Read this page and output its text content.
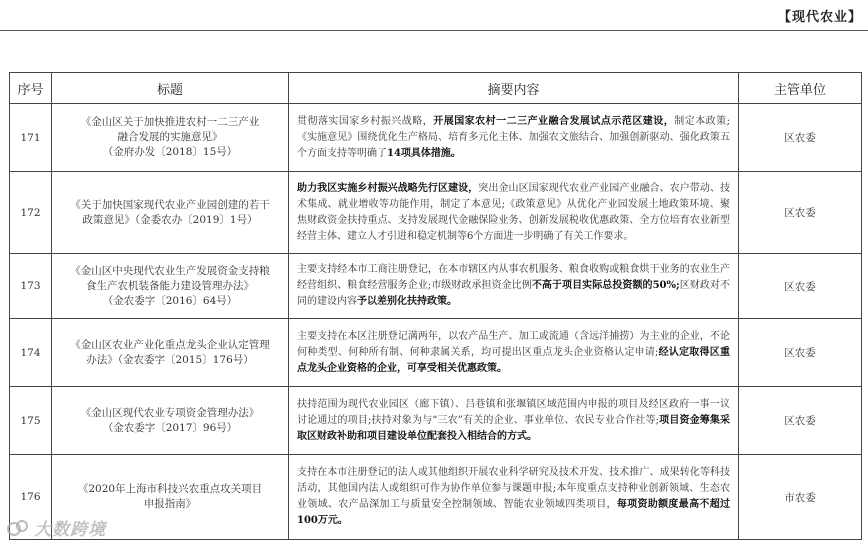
【现代农业】
序号	标题	摘要内容	主管单位
171	《金山区关于加快推进农村一二三产业
融合发展的实施意见》
（金府办发〔2018〕15号）	贯彻落实国家乡村振兴战略，开展国家农村一二三产业融合发展试点示范区建设，制定本政策;《实施意见》围绕优化生产格局、培育多元化主体、加强农文旅结合、加强创新驱动、强化政策五个方面支持等明确了14项具体措施。	区农委
172	《关于加快国家现代农业产业园创建的若干
政策意见》（金委农办〔2019〕1号）	助力我区实施乡村振兴战略先行区建设，突出金山区国家现代农业产业园产业融合、农户带动、技术集成、就业增收等功能作用，制定了本意见;《政策意见》从优化产业园发展土地政策环境、聚焦财政资金扶持重点、支持发展现代金融保险业务、创新发展税收优惠政策、全方位培育农业新型经营主体、建立人才引进和稳定机制等6个方面进一步明确了有关工作要求。	区农委
173	《金山区中央现代农业生产发展资金支持粮
食生产农机装备能力建设管理办法》
（金农委字〔2016〕64号）	主要支持经本市工商注册登记，在本市辖区内从事农机服务、粮食收购或粮食烘干业务的农业生产经营组织、粮食经营服务企业;市级财政承担资金比例不高于项目实际总投资额的50%;区财政对不同的建设内容予以差别化扶持政策。	区农委
174	《金山区农业产业化重点龙头企业认定管理
办法》（金农委字〔2015〕176号）	主要支持在本区注册登记满两年，以农产品生产、加工或流通（含远洋捕捞）为主业的企业，不论何种类型、何种所有制、何种隶属关系，均可提出区重点龙头企业资格认定申请;经认定取得区重点龙头企业资格的企业，可享受相关优惠政策。	区农委
175	《金山区现代农业专项资金管理办法》
（金农委字〔2017〕96号）	扶持范围为现代农业园区（廊下镇）、吕巷镇和张堰镇区域范围内申报的项目及经区政府一事一议讨论通过的项目;扶持对象为与“三农”有关的企业、事业单位、农民专业合作社等;项目资金筹集采取区财政补助和项目建设单位配套投入相结合的方式。	区农委
176	《2020年上海市科技兴农重点攻关项目
申报指南》	支持在本市注册登记的法人或其他组织开展农业科学研究及技术开发、技术推广、成果转化等科技活动，其他国内法人或组织可作为协作单位参与课题申报;本年度重点支持种业创新领域、生态农业领域、农产品深加工与质量安全控制领域、智能农业领域四类项目，每项资助额度最高不超过100万元。	市农委
大数跨境
